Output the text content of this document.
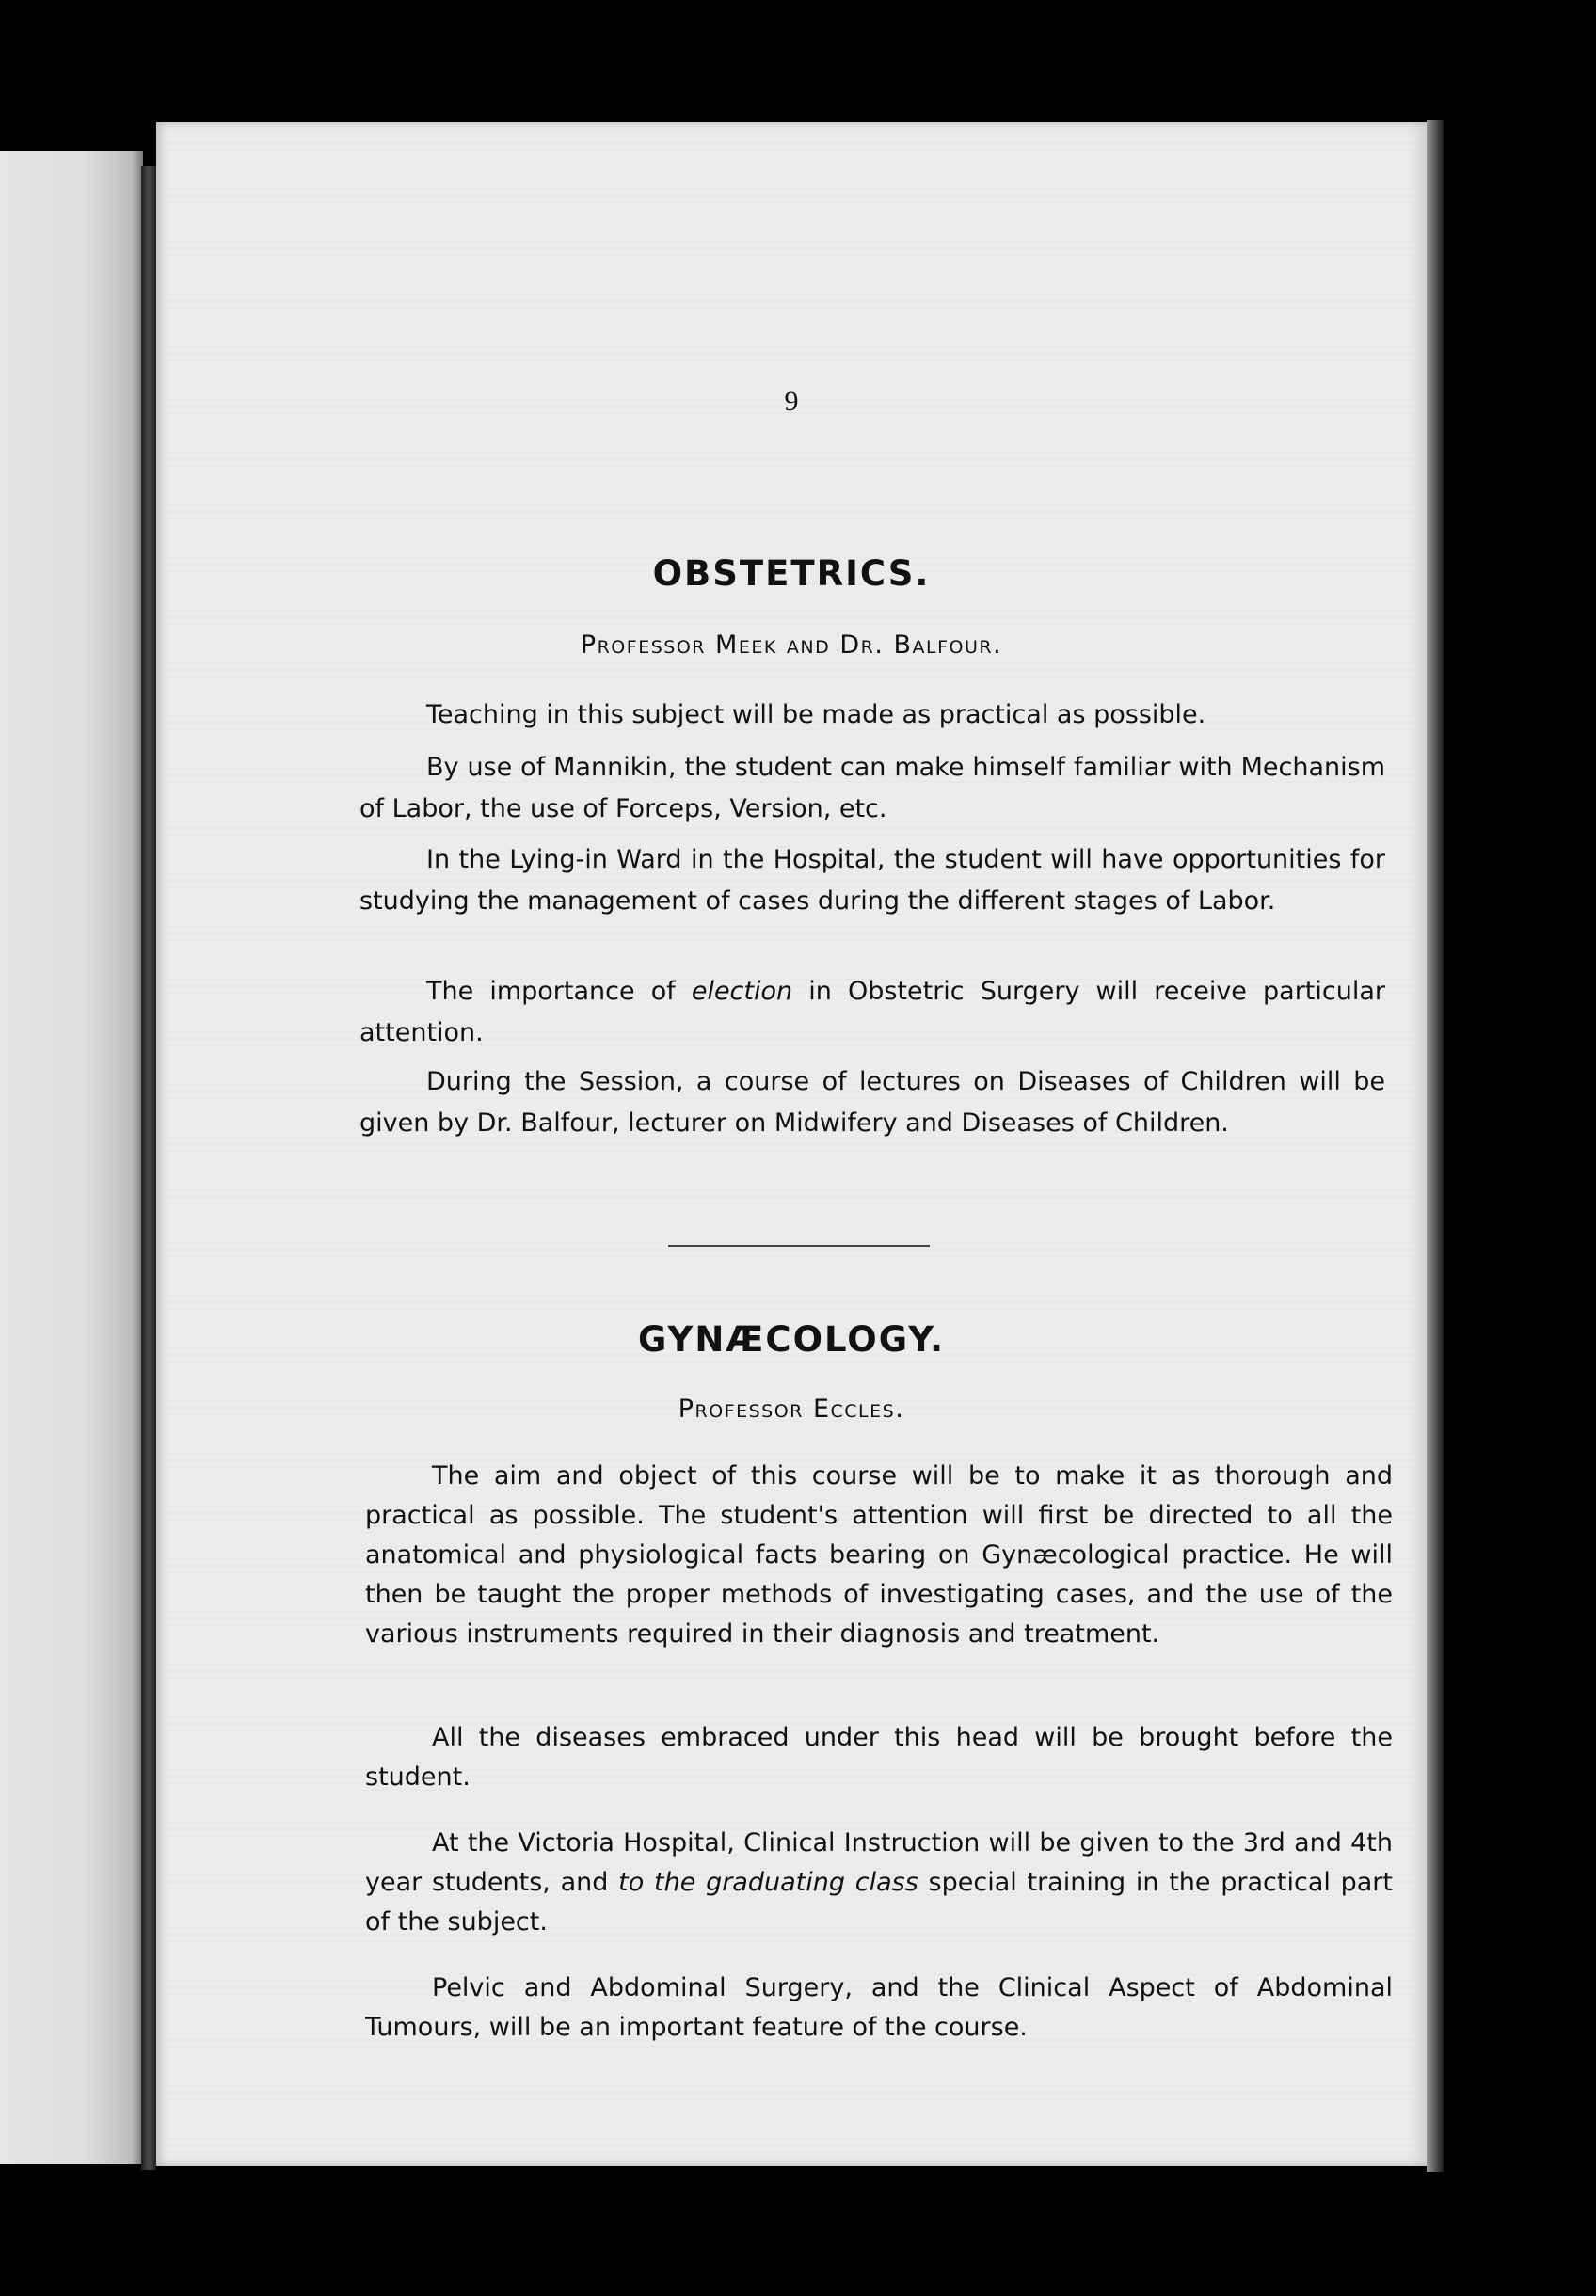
9
OBSTETRICS.
Professor Meek and Dr. Balfour.

Teaching in this subject will be made as practical as possible.

By use of Mannikin, the student can make himself familiar with Mechanism of Labor, the use of Forceps, Version, etc.

In the Lying-in Ward in the Hospital, the student will have opportunities for studying the management of cases during the different stages of Labor.

The importance of election in Obstetric Surgery will receive particular attention.

During the Session, a course of lectures on Diseases of Children will be given by Dr. Balfour, lecturer on Midwifery and Diseases of Children.

GYNÆCOLOGY.
Professor Eccles.

The aim and object of this course will be to make it as thorough and practical as possible. The student's attention will first be directed to all the anatomical and physiological facts bearing on Gynæcological practice. He will then be taught the proper methods of investigating cases, and the use of the various instruments required in their diagnosis and treatment.

All the diseases embraced under this head will be brought before the student.

At the Victoria Hospital, Clinical Instruction will be given to the 3rd and 4th year students, and to the graduating class special training in the practical part of the subject.

Pelvic and Abdominal Surgery, and the Clinical Aspect of Abdominal Tumours, will be an important feature of the course.
